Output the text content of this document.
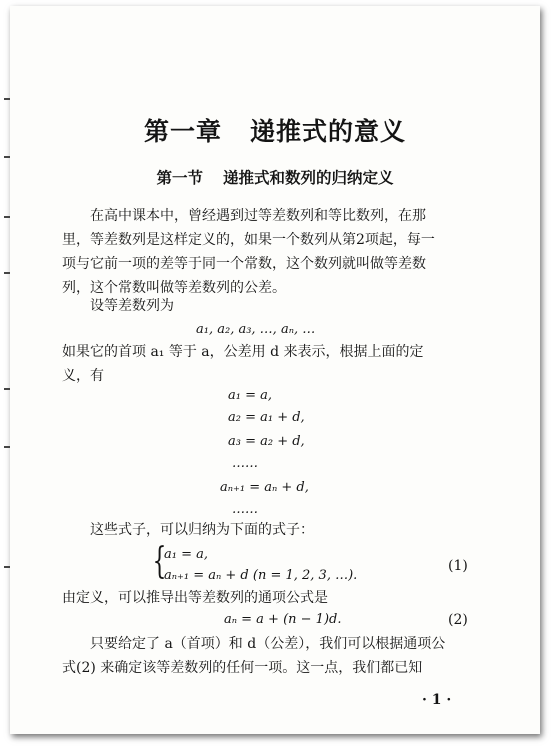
第一章 递推式的意义
第一节 递推式和数列的归纳定义
在高中课本中，曾经遇到过等差数列和等比数列，在那
里，等差数列是这样定义的，如果一个数列从第2项起，每一
项与它前一项的差等于同一个常数，这个数列就叫做等差数
列，这个常数叫做等差数列的公差。
设等差数列为
a₁, a₂, a₃, …, aₙ, …
如果它的首项 a₁ 等于 a，公差用 d 来表示，根据上面的定
义，有
a₁ = a,
a₂ = a₁ + d,
a₃ = a₂ + d,
……
aₙ₊₁ = aₙ + d,
……
这些式子，可以归纳为下面的式子：
{
a₁ = a,
aₙ₊₁ = aₙ + d (n = 1, 2, 3, …).
(1)
由定义，可以推导出等差数列的通项公式是
aₙ = a + (n − 1)d.	(2)
只要给定了 a（首项）和 d（公差），我们可以根据通项公
式(2) 来确定该等差数列的任何一项。这一点，我们都已知
· 1 ·
